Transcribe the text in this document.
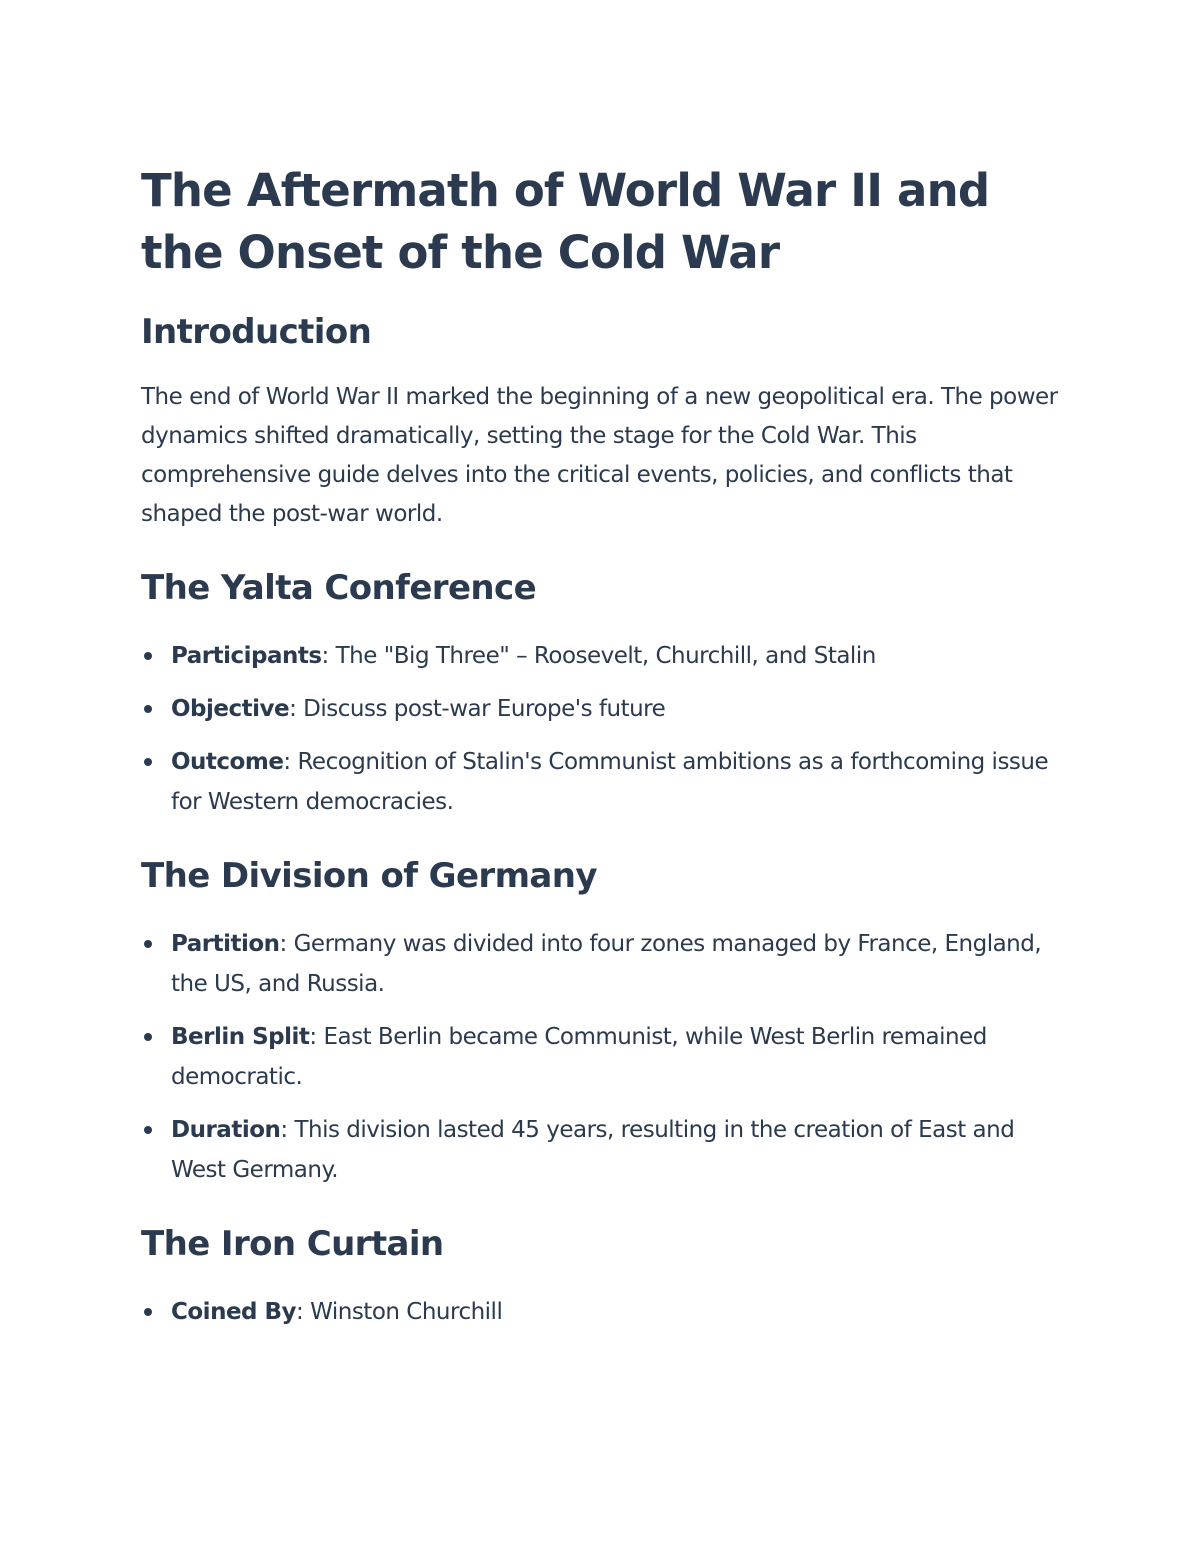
The Aftermath of World War II and the Onset of the Cold War
Introduction

The end of World War II marked the beginning of a new geopolitical era. The power dynamics shifted dramatically, setting the stage for the Cold War. This comprehensive guide delves into the critical events, policies, and conflicts that shaped the post-war world.

The Yalta Conference
Participants: The "Big Three" – Roosevelt, Churchill, and Stalin
Objective: Discuss post-war Europe's future
Outcome: Recognition of Stalin's Communist ambitions as a forthcoming issue for Western democracies.
The Division of Germany
Partition: Germany was divided into four zones managed by France, England, the US, and Russia.
Berlin Split: East Berlin became Communist, while West Berlin remained democratic.
Duration: This division lasted 45 years, resulting in the creation of East and West Germany.
The Iron Curtain
Coined By: Winston Churchill
